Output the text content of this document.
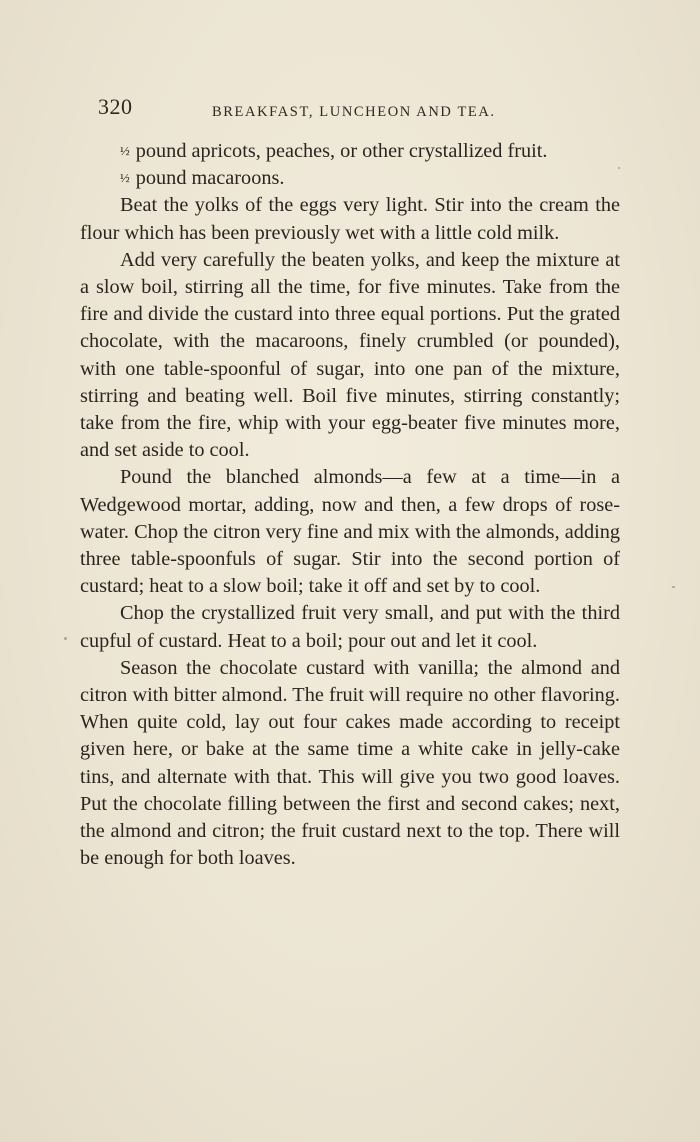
320	BREAKFAST, LUNCHEON AND TEA.

½ pound apricots, peaches, or other crystallized fruit.

½ pound macaroons.

Beat the yolks of the eggs very light. Stir into the cream the flour which has been previously wet with a little cold milk.

Add very carefully the beaten yolks, and keep the mixture at a slow boil, stirring all the time, for five minutes. Take from the fire and divide the custard into three equal portions. Put the grated chocolate, with the macaroons, finely crumbled (or pounded), with one table-spoonful of sugar, into one pan of the mixture, stirring and beating well. Boil five minutes, stirring constantly; take from the fire, whip with your egg-beater five minutes more, and set aside to cool.

Pound the blanched almonds—a few at a time—in a Wedgewood mortar, adding, now and then, a few drops of rose-water. Chop the citron very fine and mix with the almonds, adding three table-spoonfuls of sugar. Stir into the second portion of custard; heat to a slow boil; take it off and set by to cool.

Chop the crystallized fruit very small, and put with the third cupful of custard. Heat to a boil; pour out and let it cool.

Season the chocolate custard with vanilla; the almond and citron with bitter almond. The fruit will require no other flavoring. When quite cold, lay out four cakes made according to receipt given here, or bake at the same time a white cake in jelly-cake tins, and alternate with that. This will give you two good loaves. Put the chocolate filling between the first and second cakes; next, the almond and citron; the fruit custard next to the top. There will be enough for both loaves.
